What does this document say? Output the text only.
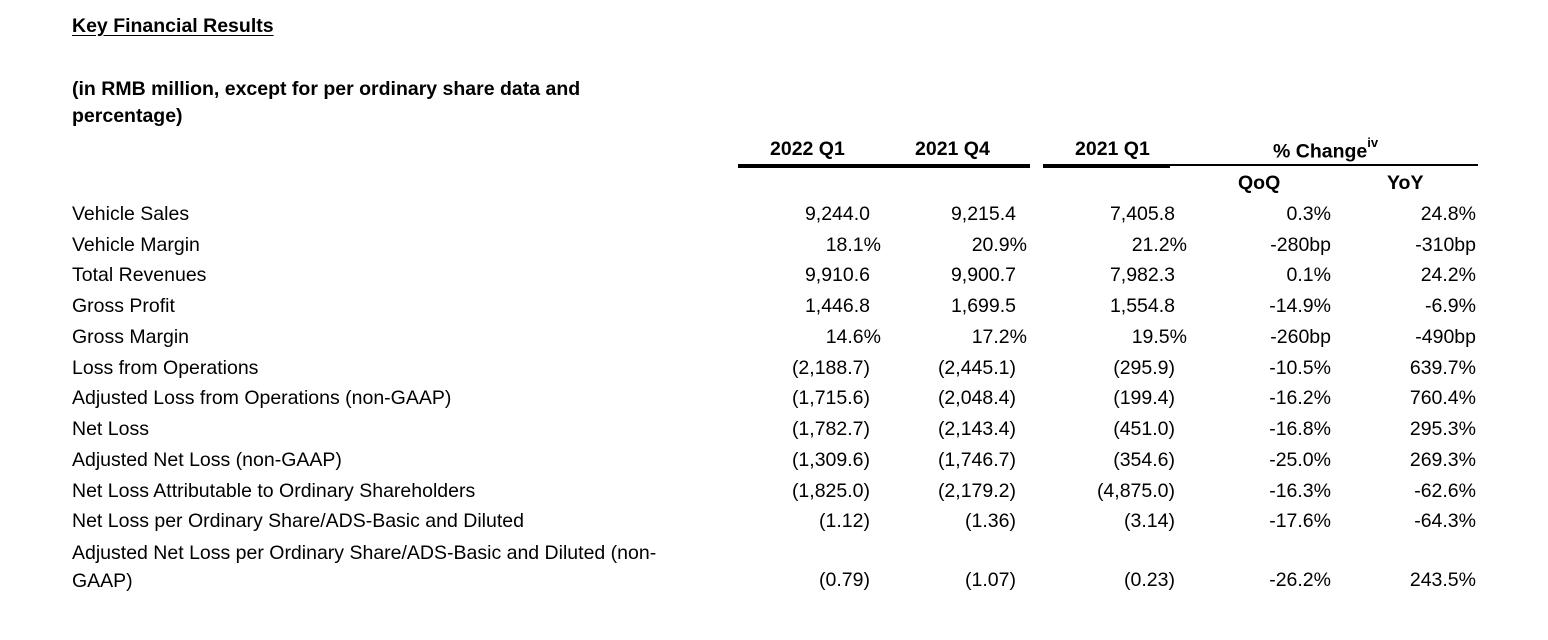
Key Financial Results
(in RMB million, except for per ordinary share data and percentage)
2022 Q1	2021 Q4	2021 Q1	% Change$^{iv}$
QoQ	YoY
Vehicle Sales	9,244.0	9,215.4	7,405.8	0.3%	24.8%
Vehicle Margin	18.1%	20.9%	21.2%	-280bp	-310bp
Total Revenues	9,910.6	9,900.7	7,982.3	0.1%	24.2%
Gross Profit	1,446.8	1,699.5	1,554.8	-14.9%	-6.9%
Gross Margin	14.6%	17.2%	19.5%	-260bp	-490bp
Loss from Operations	(2,188.7)	(2,445.1)	(295.9)	-10.5%	639.7%
Adjusted Loss from Operations (non-GAAP)	(1,715.6)	(2,048.4)	(199.4)	-16.2%	760.4%
Net Loss	(1,782.7)	(2,143.4)	(451.0)	-16.8%	295.3%
Adjusted Net Loss (non-GAAP)	(1,309.6)	(1,746.7)	(354.6)	-25.0%	269.3%
Net Loss Attributable to Ordinary Shareholders	(1,825.0)	(2,179.2)	(4,875.0)	-16.3%	-62.6%
Net Loss per Ordinary Share/ADS-Basic and Diluted	(1.12)	(1.36)	(3.14)	-17.6%	-64.3%
Adjusted Net Loss per Ordinary Share/ADS-Basic and Diluted (non-GAAP)	(0.79)	(1.07)	(0.23)	-26.2%	243.5%
